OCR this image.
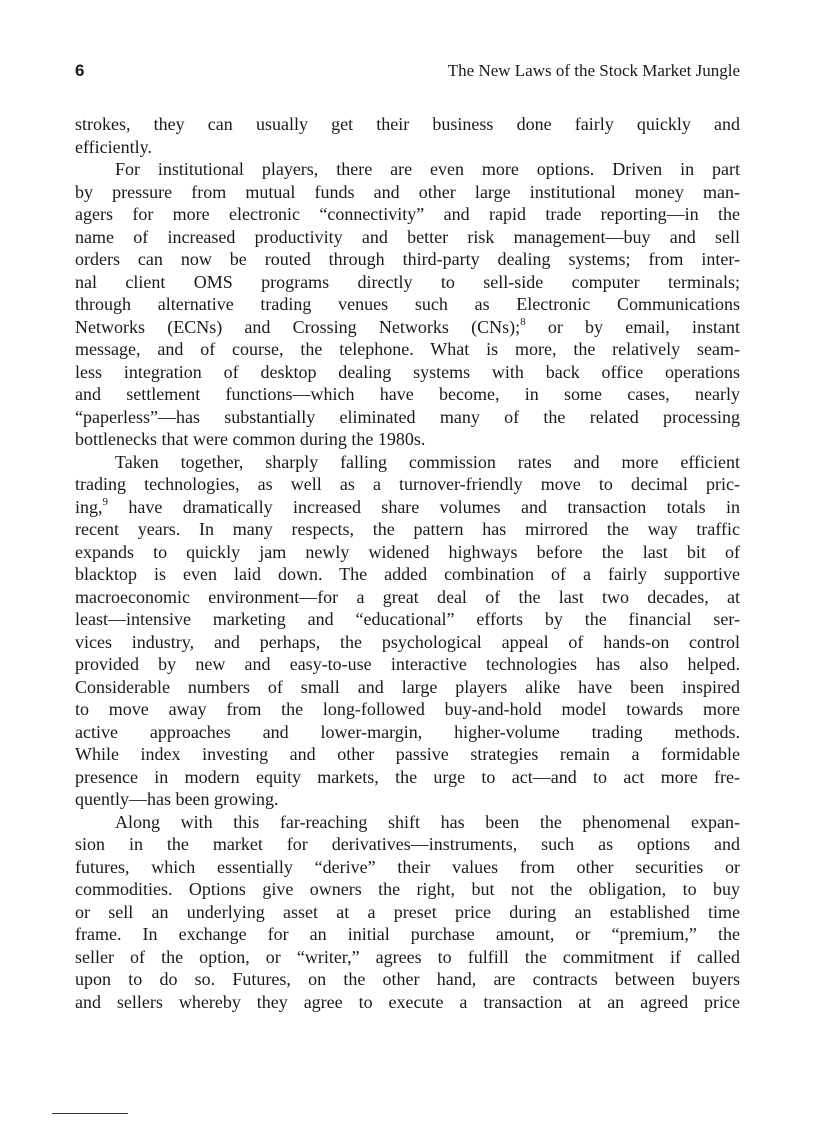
6	The New Laws of the Stock Market Jungle
strokes, they can usually get their business done fairly quickly and
efficiently.
For institutional players, there are even more options. Driven in part
by pressure from mutual funds and other large institutional money man-
agers for more electronic “connectivity” and rapid trade reporting—in the
name of increased productivity and better risk management—buy and sell
orders can now be routed through third-party dealing systems; from inter-
nal client OMS programs directly to sell-side computer terminals;
through alternative trading venues such as Electronic Communications
Networks (ECNs) and Crossing Networks (CNs);$^8$ or by email, instant
message, and of course, the telephone. What is more, the relatively seam-
less integration of desktop dealing systems with back office operations
and settlement functions—which have become, in some cases, nearly
“paperless”—has substantially eliminated many of the related processing
bottlenecks that were common during the 1980s.
Taken together, sharply falling commission rates and more efficient
trading technologies, as well as a turnover-friendly move to decimal pric-
ing,$^9$ have dramatically increased share volumes and transaction totals in
recent years. In many respects, the pattern has mirrored the way traffic
expands to quickly jam newly widened highways before the last bit of
blacktop is even laid down. The added combination of a fairly supportive
macroeconomic environment—for a great deal of the last two decades, at
least—intensive marketing and “educational” efforts by the financial ser-
vices industry, and perhaps, the psychological appeal of hands-on control
provided by new and easy-to-use interactive technologies has also helped.
Considerable numbers of small and large players alike have been inspired
to move away from the long-followed buy-and-hold model towards more
active approaches and lower-margin, higher-volume trading methods.
While index investing and other passive strategies remain a formidable
presence in modern equity markets, the urge to act—and to act more fre-
quently—has been growing.
Along with this far-reaching shift has been the phenomenal expan-
sion in the market for derivatives—instruments, such as options and
futures, which essentially “derive” their values from other securities or
commodities. Options give owners the right, but not the obligation, to buy
or sell an underlying asset at a preset price during an established time
frame. In exchange for an initial purchase amount, or “premium,” the
seller of the option, or “writer,” agrees to fulfill the commitment if called
upon to do so. Futures, on the other hand, are contracts between buyers
and sellers whereby they agree to execute a transaction at an agreed price
